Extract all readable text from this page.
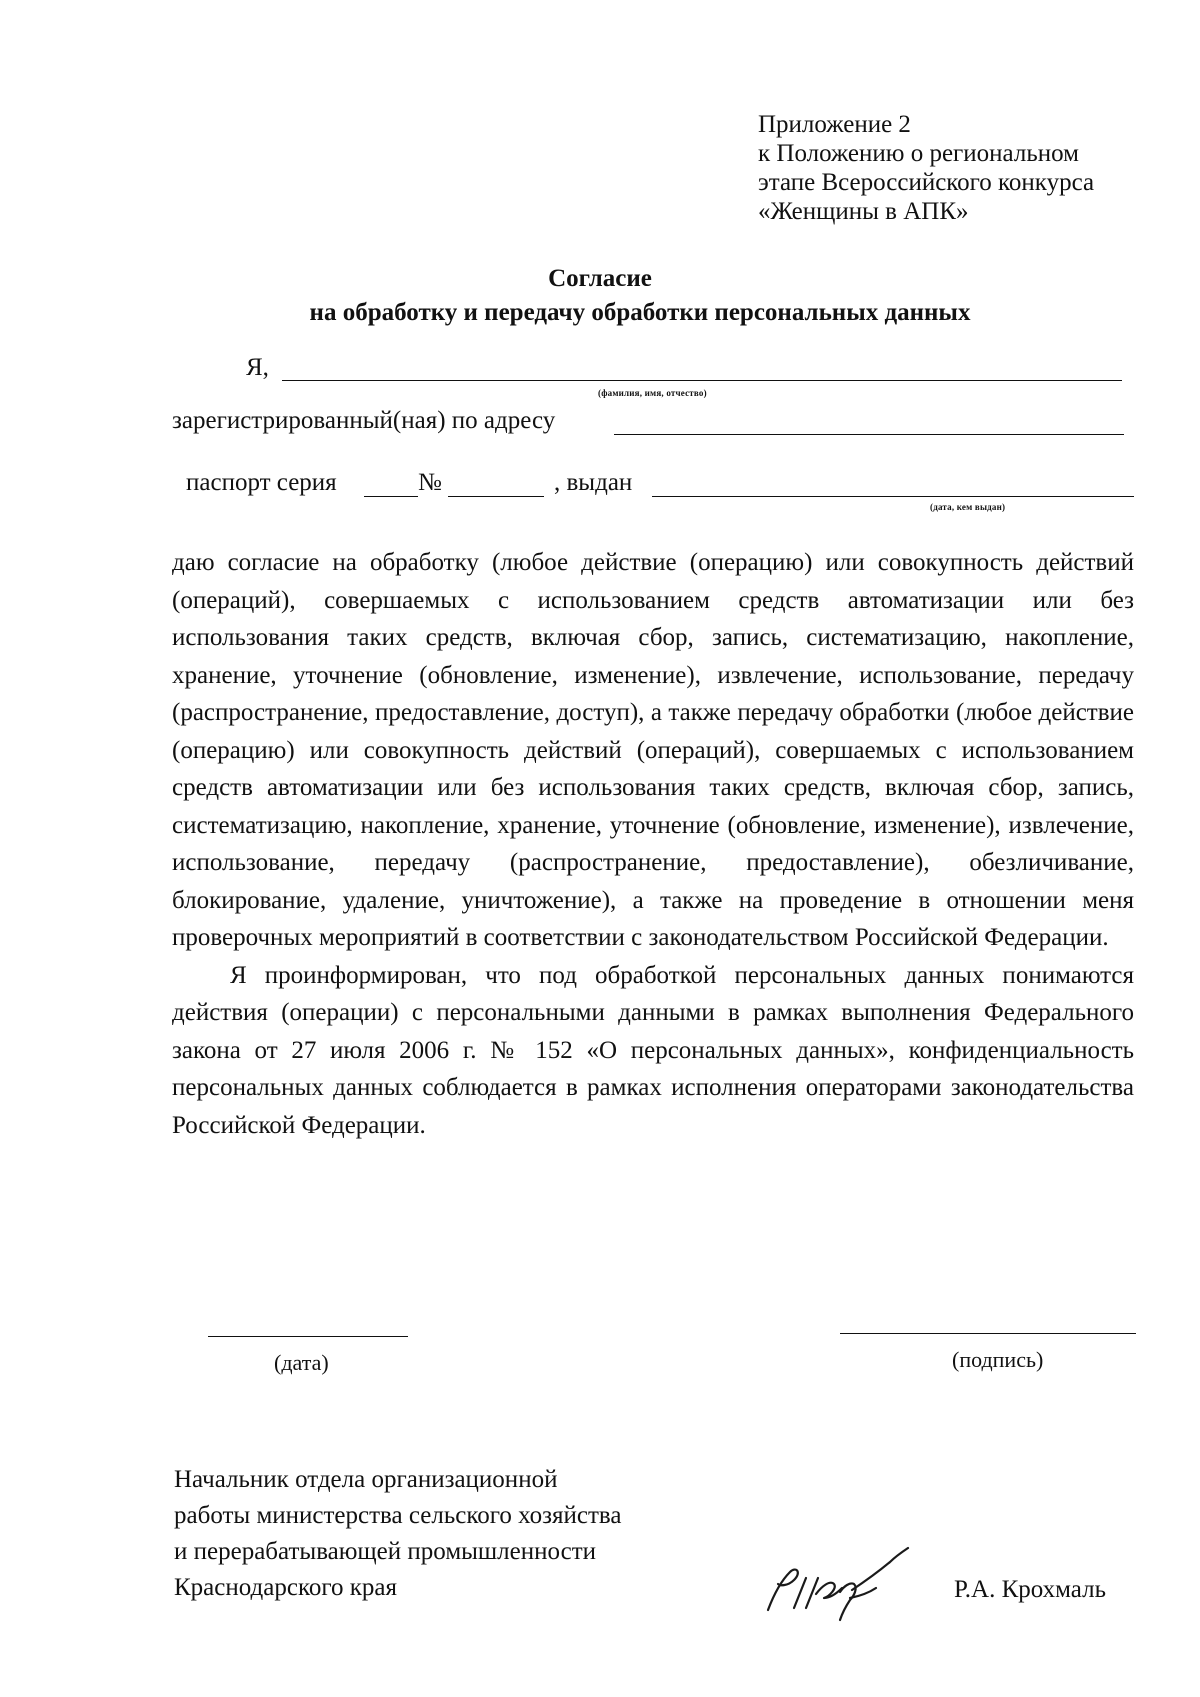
Приложение 2
к Положению о региональном
этапе Всероссийского конкурса
«Женщины в АПК»
Согласие
на обработку и передачу обработки персональных данных
Я,
(фамилия, имя, отчество)
зарегистрированный(ная) по адресу
паспорт серия	№	, выдан
(дата, кем выдан)

даю согласие на обработку (любое действие (операцию) или совокупность действий (операций), совершаемых с использованием средств автоматизации или без использования таких средств, включая сбор, запись, систематизацию, накопление, хранение, уточнение (обновление, изменение), извлечение, использование, передачу (распространение, предоставление, доступ), а также передачу обработки (любое действие (операцию) или совокупность действий (операций), совершаемых с использованием средств автоматизации или без использования таких средств, включая сбор, запись, систематизацию, накопление, хранение, уточнение (обновление, изменение), извлечение, использование, передачу (распространение, предоставление), обезличивание, блокирование, удаление, уничтожение), а также на проведение в отношении меня проверочных мероприятий в соответствии с законодательством Российской Федерации.

Я проинформирован, что под обработкой персональных данных понимаются действия (операции) с персональными данными в рамках выполнения Федерального закона от 27 июля 2006 г. № 152 «О персональных данных», конфиденциальность персональных данных соблюдается в рамках исполнения операторами законодательства Российской Федерации.

(дата)	(подпись)
Начальник отдела организационной
работы министерства сельского хозяйства
и перерабатывающей промышленности
Краснодарского края	Р.А. Крохмаль
